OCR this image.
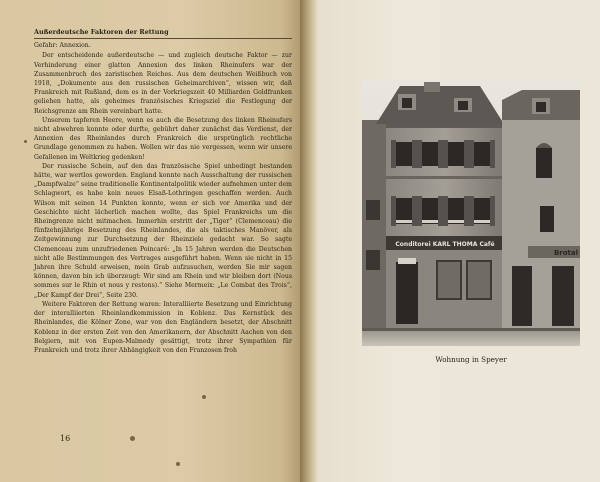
Außerdeutsche Faktoren der Rettung
Gefahr: Annexion.

Der entscheidende außerdeutsche — und zugleich deutsche Faktor — zur Verhinderung einer glatten Annexion des linken Rheinufers war der Zusammenbruch des zaristischen Reiches. Aus dem deutschen Weißbuch von 1918, „Dokumente aus den russischen Geheimarchiven“, wissen wir, daß Frankreich mit Rußland, dem es in der Vorkriegszeit 40 Milliarden Goldfranken geliehen hatte, als geheimes französisches Kriegsziel die Festlegung der Reichsgrenze am Rhein vereinbart hatte.

Unserem tapferen Heere, wenn es auch die Besetzung des linken Rheinufers nicht abwehren konnte oder durfte, gebührt daher zunächst das Verdienst, der Annexion des Rheinlandes durch Frankreich die ursprünglich rechtliche Grundlage genommen zu haben. Wollen wir das nie vergessen, wenn wir unsere Gefallenen im Weltkrieg gedenken!

Der russische Schein, auf den das französische Spiel unbedingt bestanden hätte, war wertlos geworden. England konnte nach Ausschaltung der russischen „Dampfwalze“ seine traditionelle Kontinentalpolitik wieder aufnehmen unter dem Schlagwort, es habe kein neues Elsaß-Lothringen geschaffen werden. Auch Wilson mit seinen 14 Punkten konnte, wenn er sich vor Amerika und der Geschichte nicht lächerlich machen wollte, das Spiel Frankreichs um die Rheingrenze nicht mitmachen. Immerhin erstritt der „Tiger“ (Clemenceau) die fünfzehnjährige Besetzung des Rheinlandes, die als taktisches Manöver, als Zeitgewinnung zur Durchsetzung der Rheinziele gedacht war. So sagte Clemenceau zum unzufriedenen Poincaré: „In 15 Jahren werden die Deutschen nicht alle Bestimmungen des Vertrages ausgeführt haben. Wenn sie nicht in 15 Jahren ihre Schuld erweisen, mein Grab aufzusuchen, werden Sie mir sagen können, davon bin ich überzeugt: Wir sind am Rhein und wir bleiben dort (Nous sommes sur le Rhin et nous y restons).“ Siehe Mermeix: „Le Combat des Trois“, „Der Kampf der Drei“, Seite 230.

Weitere Faktoren der Rettung waren: Interalliierte Besetzung und Einrichtung der interalliierten Rheinlandkommission in Koblenz. Das Kernstück des Rheinlandes, die Kölner Zone, war von den Engländern besetzt, der Abschnitt Koblenz in der ersten Zeit von den Amerikanern, der Abschnitt Aachen von den Belgiern, mit von Eupen-Malmedy gesättigt, trotz ihrer Sympathien für Frankreich und trotz ihrer Abhängigkeit von den Franzosen froh

16
Conditorei KARL THOMA Café
Brotal
Wohnung in Speyer
